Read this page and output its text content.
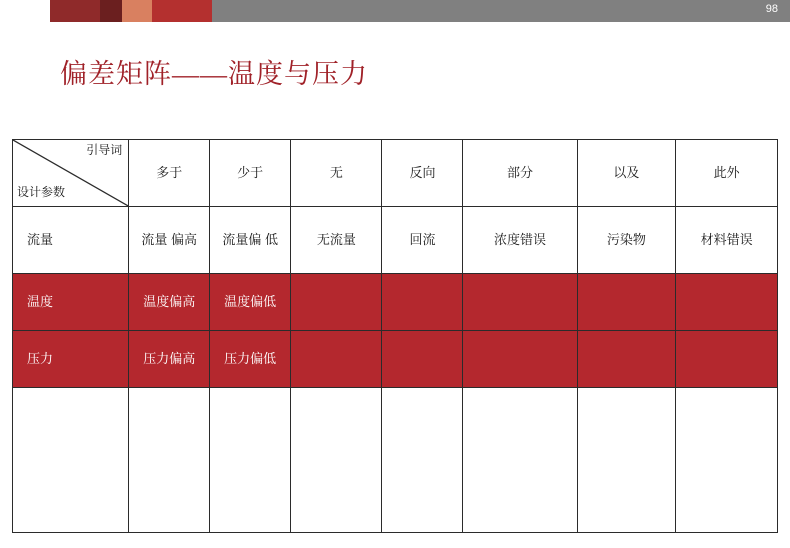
98
偏差矩阵——温度与压力
引导词
设计参数	多于	少于	无	反向	部分	以及	此外
流量	流量 偏高	流量偏 低	无流量	回流	浓度错误	污染物	材料错误
温度	温度偏高	温度偏低					
压力	压力偏高	压力偏低					
